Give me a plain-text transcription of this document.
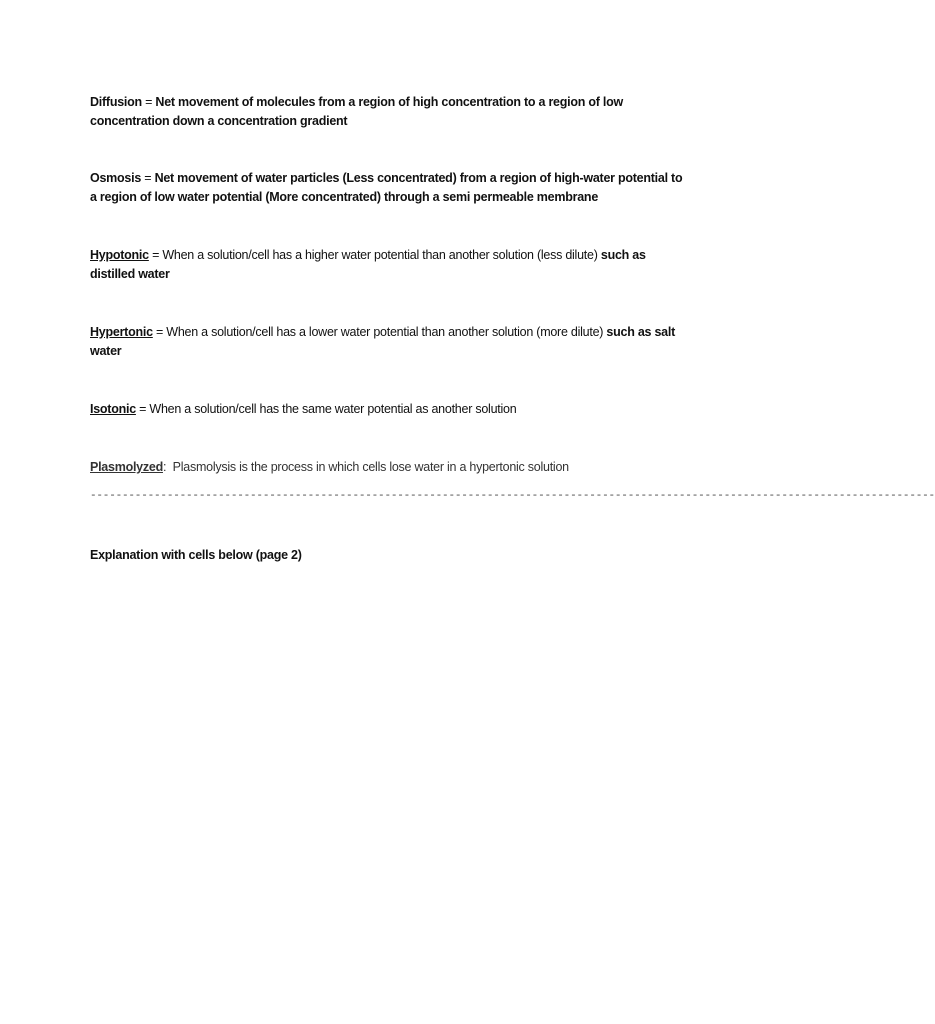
Diffusion = Net movement of molecules from a region of high concentration to a region of low concentration down a concentration gradient
Osmosis = Net movement of water particles (Less concentrated) from a region of high-water potential to a region of low water potential (More concentrated) through a semi permeable membrane
Hypotonic = When a solution/cell has a higher water potential than another solution (less dilute) such as distilled water
Hypertonic = When a solution/cell has a lower water potential than another solution (more dilute) such as salt water
Isotonic = When a solution/cell has the same water potential as another solution
Plasmolyzed:  Plasmolysis is the process in which cells lose water in a hypertonic solution
------------------------------------------------------------------------------------------------------------------------------------
Explanation with cells below (page 2)
